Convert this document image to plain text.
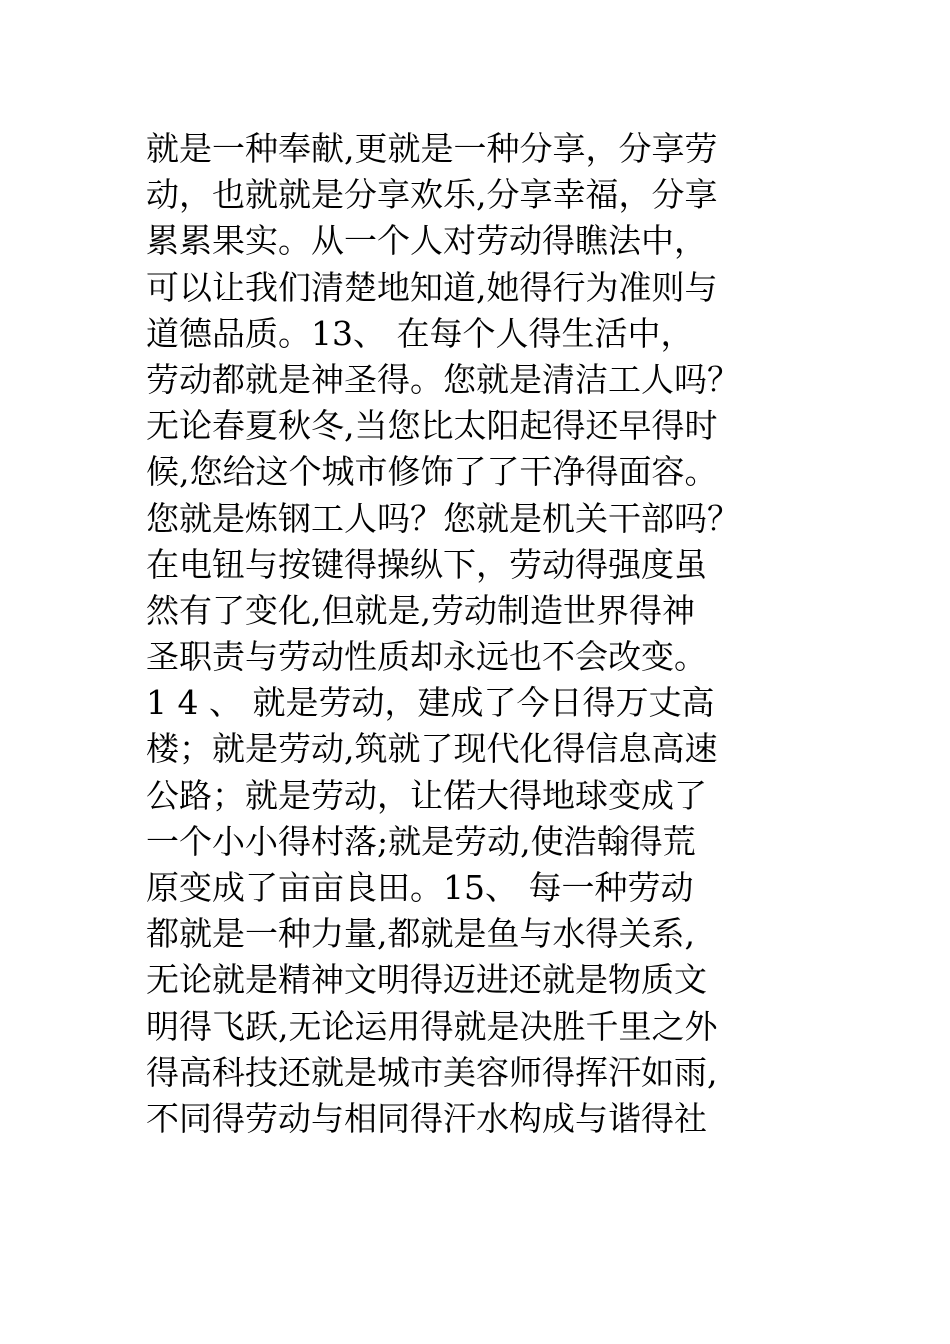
就是一种奉献,更就是一种分享，分享劳
动，也就就是分享欢乐,分享幸福，分享
累累果实。从一个人对劳动得瞧法中，
可以让我们清楚地知道,她得行为准则与
道德品质。13、 在每个人得生活中，
劳动都就是神圣得。您就是清洁工人吗？
无论春夏秋冬,当您比太阳起得还早得时
候,您给这个城市修饰了了干净得面容。
您就是炼钢工人吗？您就是机关干部吗？
在电钮与按键得操纵下，劳动得强度虽
然有了变化,但就是,劳动制造世界得神
圣职责与劳动性质却永远也不会改变。
1 4 、 就是劳动，建成了今日得万丈高
楼；就是劳动,筑就了现代化得信息高速
公路；就是劳动，让偌大得地球变成了
一个小小得村落;就是劳动,使浩翰得荒
原变成了亩亩良田。15、 每一种劳动
都就是一种力量,都就是鱼与水得关系,
无论就是精神文明得迈进还就是物质文
明得飞跃,无论运用得就是决胜千里之外
得高科技还就是城市美容师得挥汗如雨,
不同得劳动与相同得汗水构成与谐得社
